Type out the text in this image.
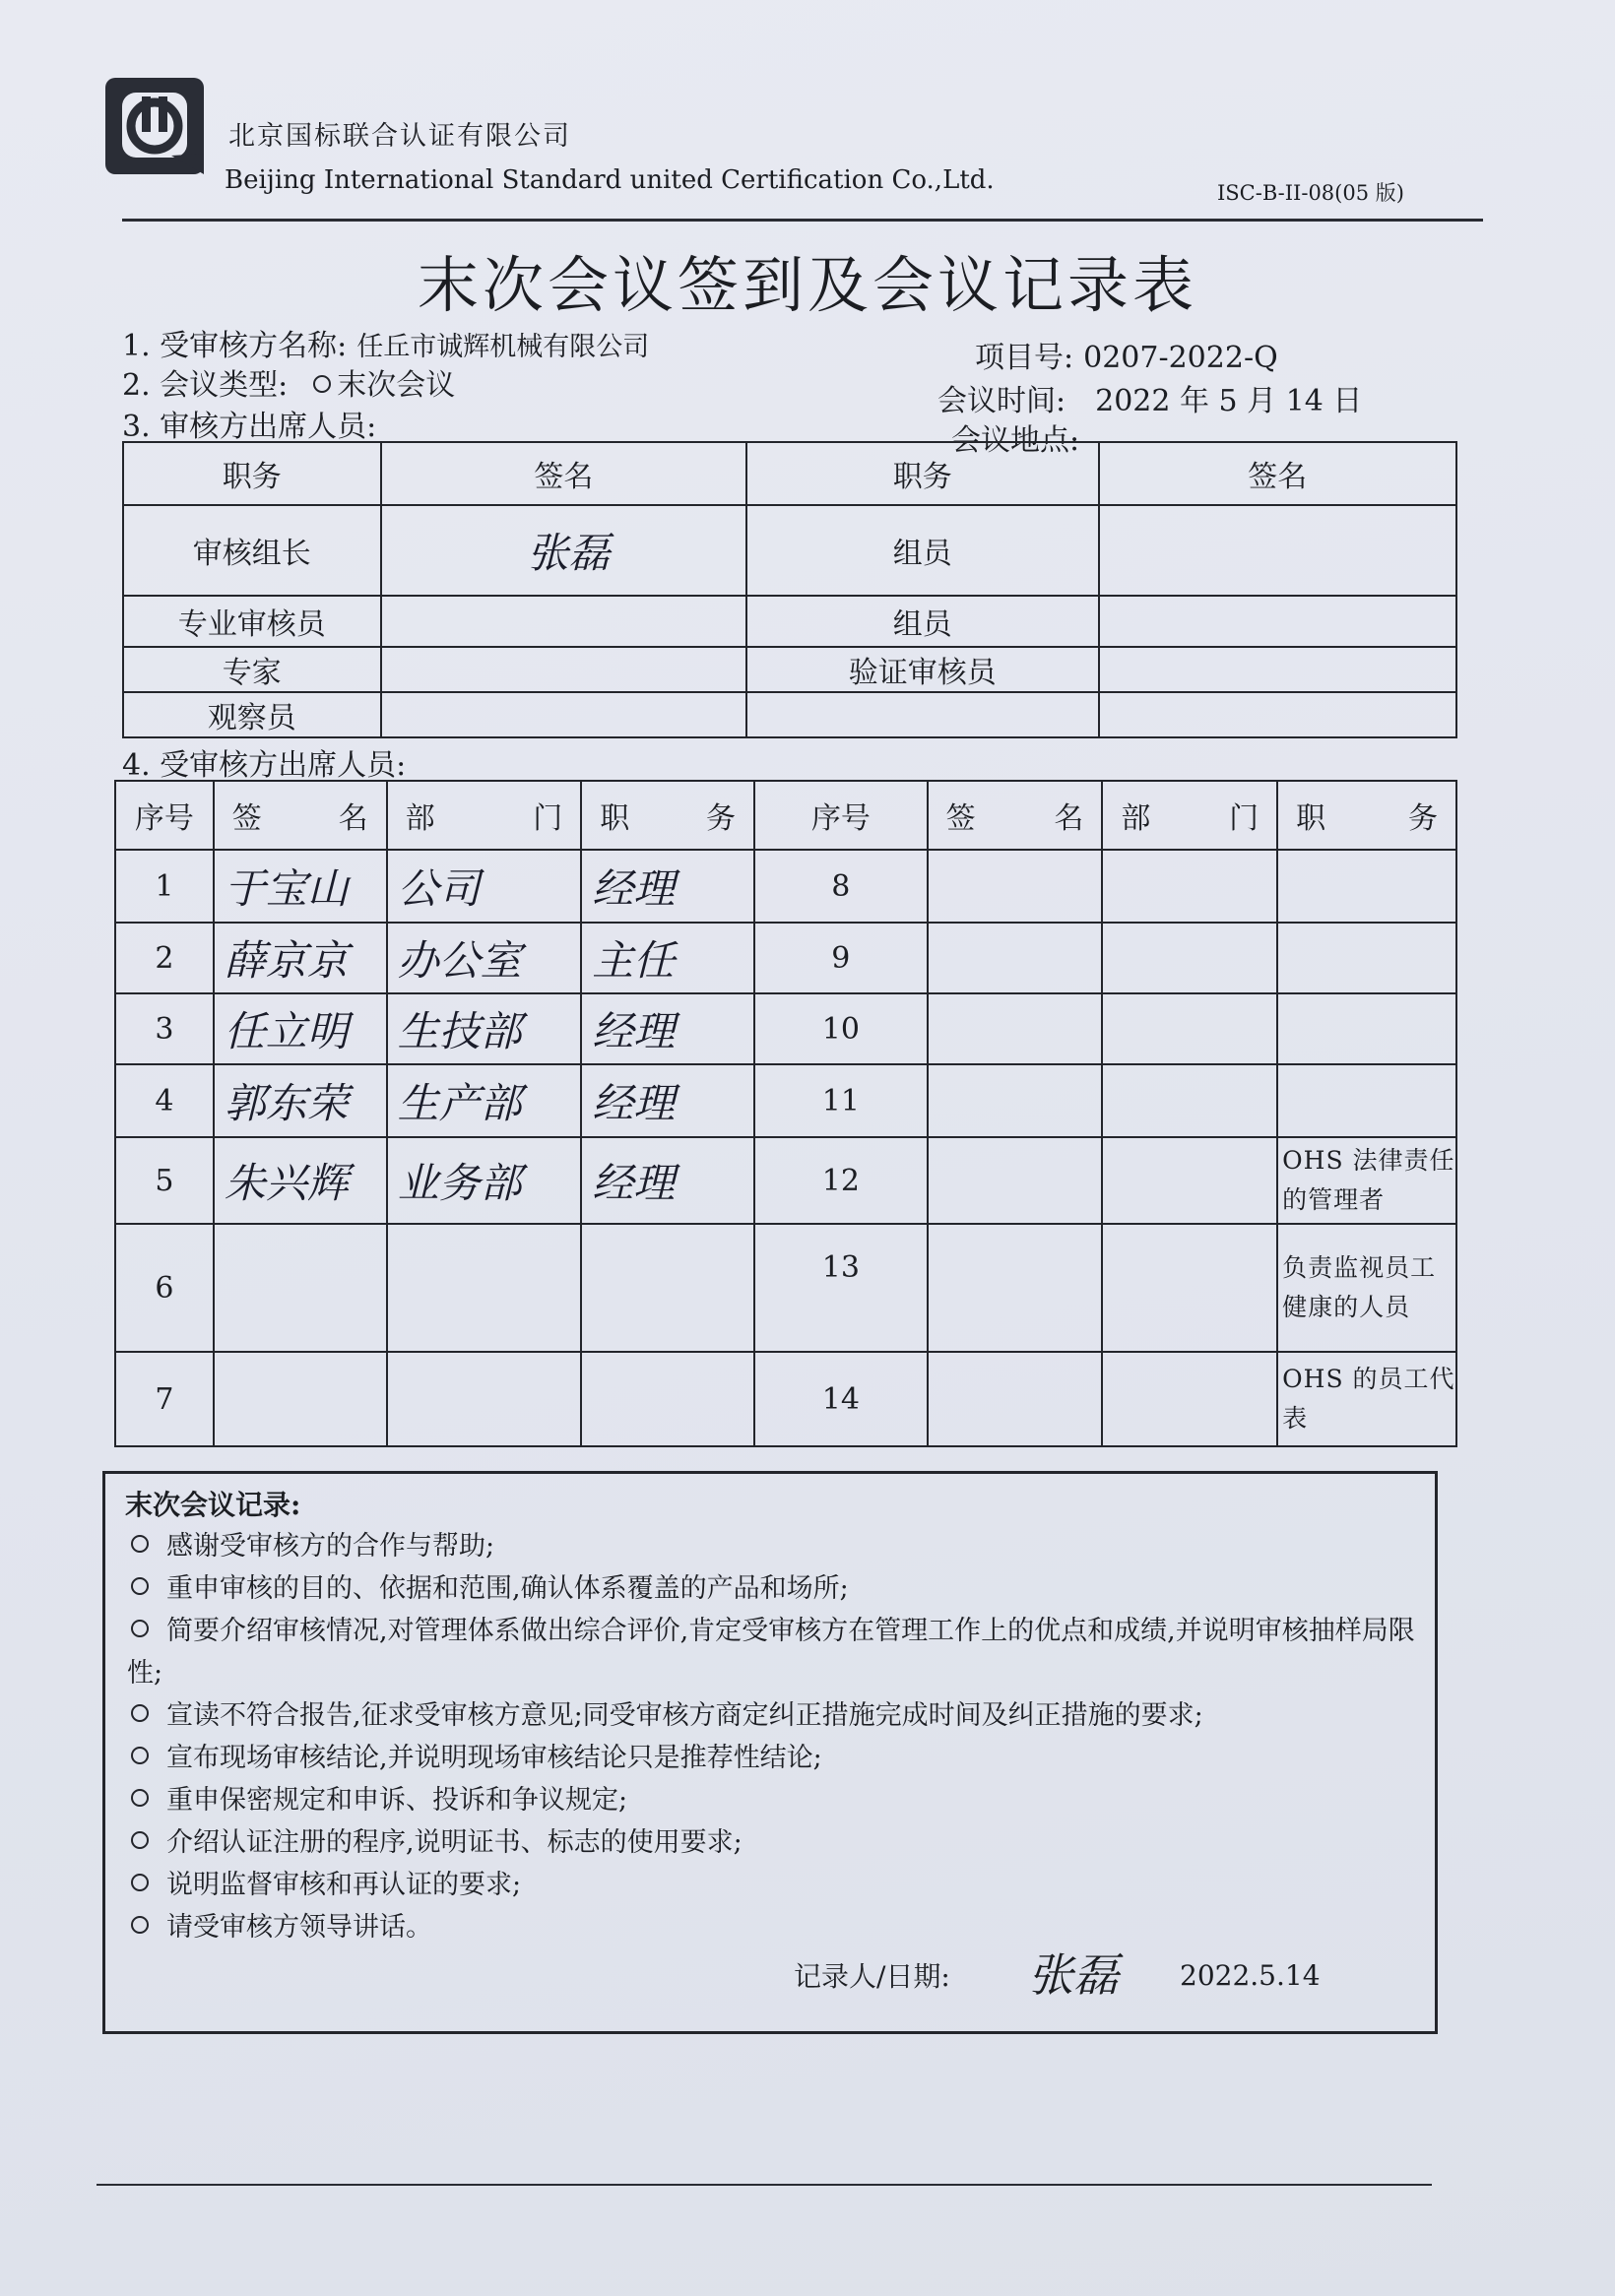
北京国标联合认证有限公司
Beijing International Standard united Certification Co.,Ltd.	ISC-B-II-08(05 版)
末次会议签到及会议记录表
1. 受审核方名称: 任丘市诚辉机械有限公司
2. 会议类型: 末次会议
3. 审核方出席人员:
项目号: 0207-2022-Q
会议时间: 2022 年 5 月 14 日
会议地点:
职务	签名	职务	签名
审核组长	张磊	组员	
专业审核员		组员	
专家		验证审核员	
观察员			
4. 受审核方出席人员:
序号	签 名	部 门	职 务	序号	签 名	部 门	职 务

1	于宝山	公司	经理	8			
2	薛京京	办公室	主任	9			
3	任立明	生技部	经理	10			
4	郭东荣	生产部	经理	11			
5	朱兴辉	业务部	经理	12			OHS 法律责任的管理者
6				13			负责监视员工健康的人员
7				14			OHS 的员工代表
末次会议记录:
感谢受审核方的合作与帮助;
重申审核的目的、依据和范围,确认体系覆盖的产品和场所;
简要介绍审核情况,对管理体系做出综合评价,肯定受审核方在管理工作上的优点和成绩,并说明审核抽样局限性;
宣读不符合报告,征求受审核方意见;同受审核方商定纠正措施完成时间及纠正措施的要求;
宣布现场审核结论,并说明现场审核结论只是推荐性结论;
重申保密规定和申诉、投诉和争议规定;
介绍认证注册的程序,说明证书、标志的使用要求;
说明监督审核和再认证的要求;
请受审核方领导讲话。
记录人/日期: 张磊 2022.5.14
